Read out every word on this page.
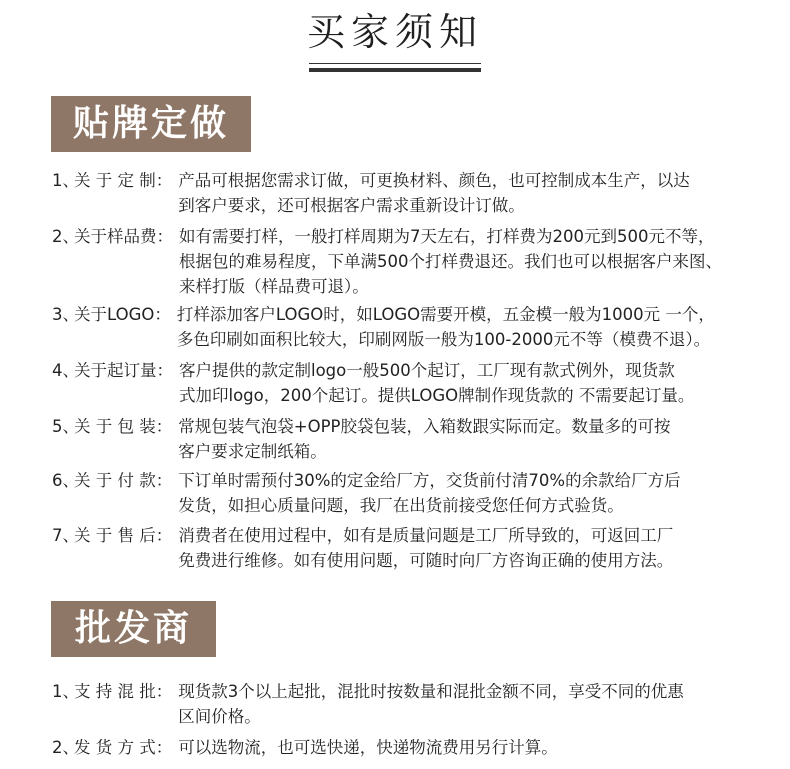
买家须知
贴牌定做
1、
关 于 定 制： 产品可根据您需求订做，可更换材料、颜色，也可控制成本生产，以达
到客户要求，还可根据客户需求重新设计订做。
2、
关于样品费： 如有需要打样，一般打样周期为7天左右，打样费为200元到500元不等，
根据包的难易程度，下单满500个打样费退还。我们也可以根据客户来图、
来样打版（样品费可退）。
3、
关于LOGO： 打样添加客户LOGO时，如LOGO需要开模，五金模一般为1000元 一个，
多色印刷如面积比较大，印刷网版一般为100-2000元不等（模费不退）。
4、
关于起订量： 客户提供的款定制logo一般500个起订，工厂现有款式例外，现货款
式加印logo，200个起订。提供LOGO牌制作现货款的 不需要起订量。
5、
关 于 包 装： 常规包装气泡袋+OPP胶袋包装，入箱数跟实际而定。数量多的可按
客户要求定制纸箱。
6、
关 于 付 款： 下订单时需预付30%的定金给厂方，交货前付清70%的余款给厂方后
发货，如担心质量问题，我厂在出货前接受您任何方式验货。
7、
关 于 售 后： 消费者在使用过程中，如有是质量问题是工厂所导致的，可返回工厂
免费进行维修。如有使用问题，可随时向厂方咨询正确的使用方法。
批发商
1、
支 持 混 批： 现货款3个以上起批，混批时按数量和混批金额不同，享受不同的优惠
区间价格。
2、
发 货 方 式： 可以选物流，也可选快递，快递物流费用另行计算。
